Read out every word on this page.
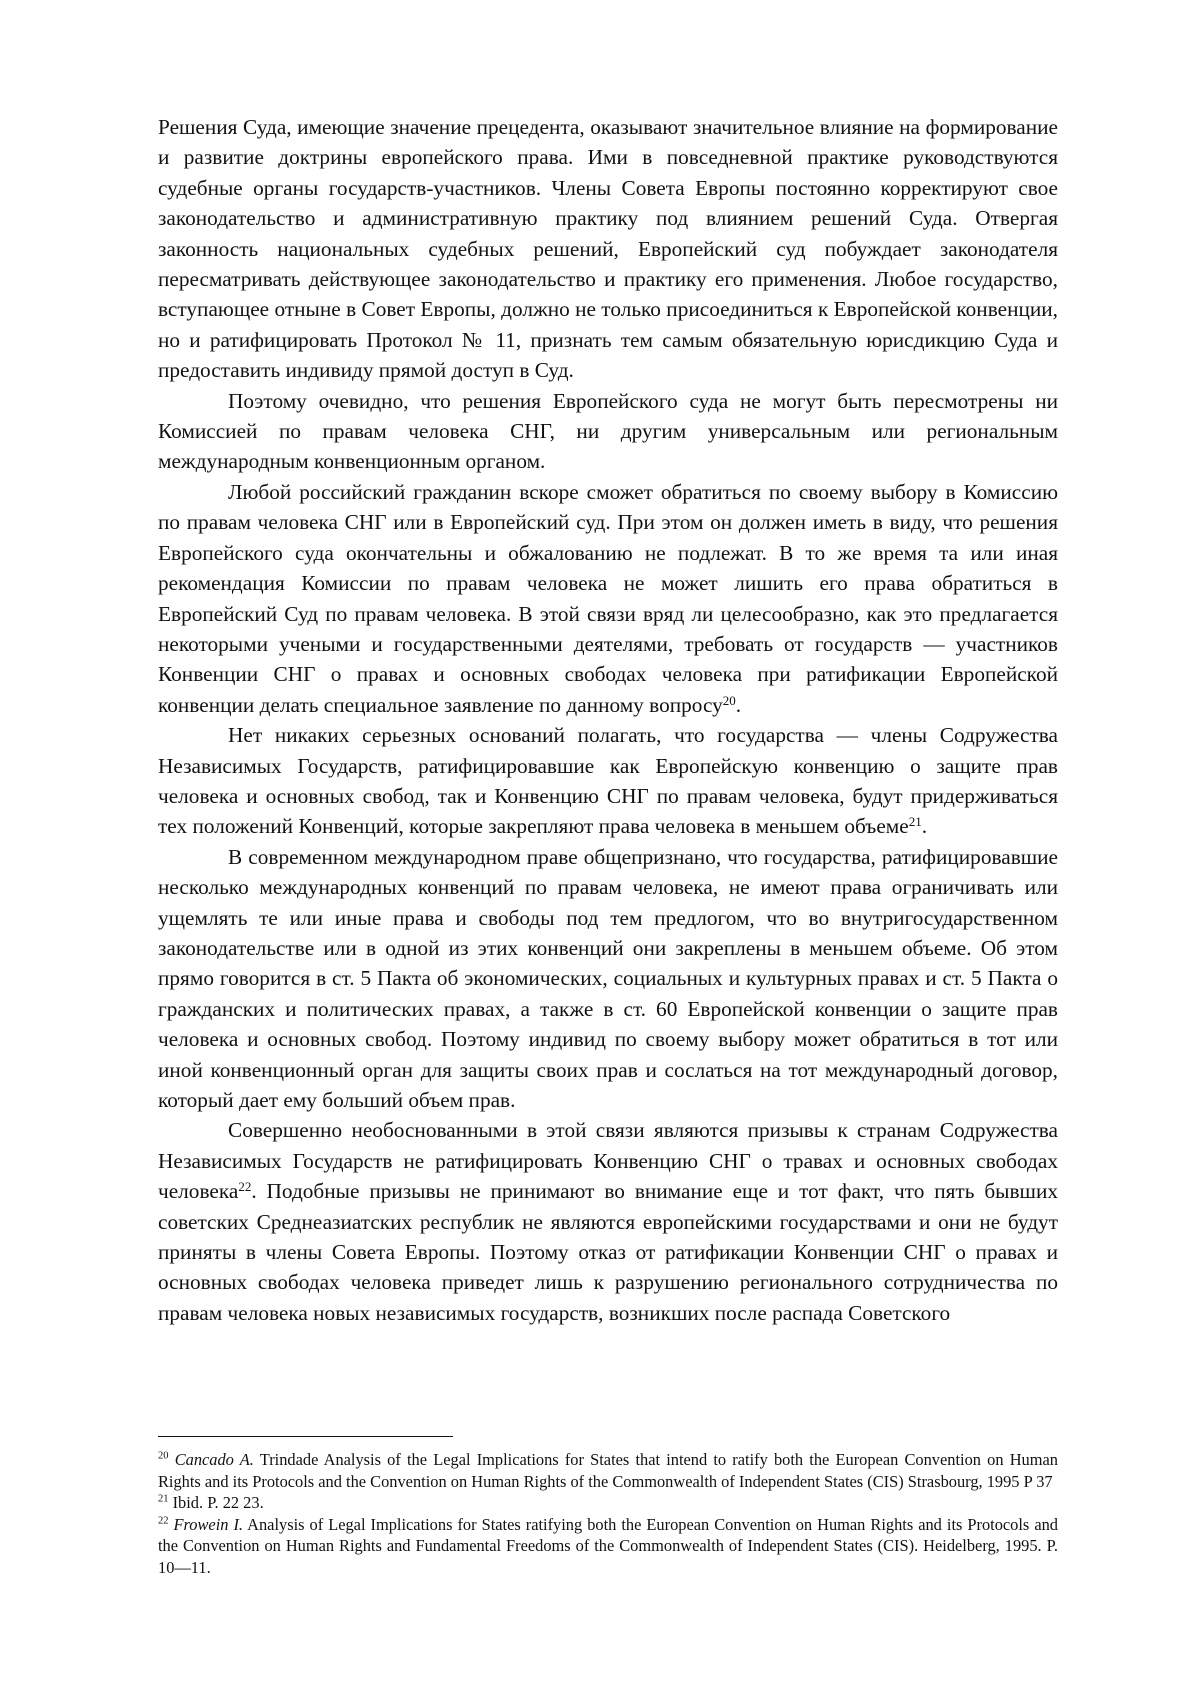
Решения Суда, имеющие значение прецедента, оказывают значительное влияние на формирование и развитие доктрины европейского права. Ими в повседневной практике руководствуются судебные органы государств-участников. Члены Совета Европы постоянно корректируют свое законодательство и административную практику под влиянием решений Суда. Отвергая законность национальных судебных решений, Европейский суд побуждает законодателя пересматривать действующее законодательство и практику его применения. Любое государство, вступающее отныне в Совет Европы, должно не только присоединиться к Европейской конвенции, но и ратифицировать Протокол № 11, признать тем самым обязательную юрисдикцию Суда и предоставить индивиду прямой доступ в Суд.

Поэтому очевидно, что решения Европейского суда не могут быть пересмотрены ни Комиссией по правам человека СНГ, ни другим универсальным или региональным международным конвенционным органом.

Любой российский гражданин вскоре сможет обратиться по своему выбору в Комиссию по правам человека СНГ или в Европейский суд. При этом он должен иметь в виду, что решения Европейского суда окончательны и обжалованию не подлежат. В то же время та или иная рекомендация Комиссии по правам человека не может лишить его права обратиться в Европейский Суд по правам человека. В этой связи вряд ли целесообразно, как это предлагается некоторыми учеными и государственными деятелями, требовать от государств — участников Конвенции СНГ о правах и основных свободах человека при ратификации Европейской конвенции делать специальное заявление по данному вопросу$^{20}$.

Нет никаких серьезных оснований полагать, что государства — члены Содружества Независимых Государств, ратифицировавшие как Европейскую конвенцию о защите прав человека и основных свобод, так и Конвенцию СНГ по правам человека, будут придерживаться тех положений Конвенций, которые закрепляют права человека в меньшем объеме$^{21}$.

В современном международном праве общепризнано, что государства, ратифицировавшие несколько международных конвенций по правам человека, не имеют права ограничивать или ущемлять те или иные права и свободы под тем предлогом, что во внутригосударственном законодательстве или в одной из этих конвенций они закреплены в меньшем объеме. Об этом прямо говорится в ст. 5 Пакта об экономических, социальных и культурных правах и ст. 5 Пакта о гражданских и политических правах, а также в ст. 60 Европейской конвенции о защите прав человека и основных свобод. Поэтому индивид по своему выбору может обратиться в тот или иной конвенционный орган для защиты своих прав и сослаться на тот международный договор, который дает ему больший объем прав.

Совершенно необоснованными в этой связи являются призывы к странам Содружества Независимых Государств не ратифицировать Конвенцию СНГ о травах и основных свободах человека$^{22}$. Подобные призывы не принимают во внимание еще и тот факт, что пять бывших советских Среднеазиатских республик не являются европейскими государствами и они не будут приняты в члены Совета Европы. Поэтому отказ от ратификации Конвенции СНГ о правах и основных свободах человека приведет лишь к разрушению регионального сотрудничества по правам человека новых независимых государств, возникших после распада Советского

$^{20}$ Cancado A. Trindade Analysis of the Legal Implications for States that intend to ratify both the European Convention on Human Rights and its Protocols and the Convention on Human Rights of the Commonwealth of Independent States (CIS) Strasbourg, 1995 P 37

$^{21}$ Ibid. P. 22 23.

$^{22}$ Frowein I. Analysis of Legal Implications for States ratifying both the European Convention on Human Rights and its Protocols and the Convention on Human Rights and Fundamental Freedoms of the Commonwealth of Independent States (CIS). Heidelberg, 1995. P. 10—11.
